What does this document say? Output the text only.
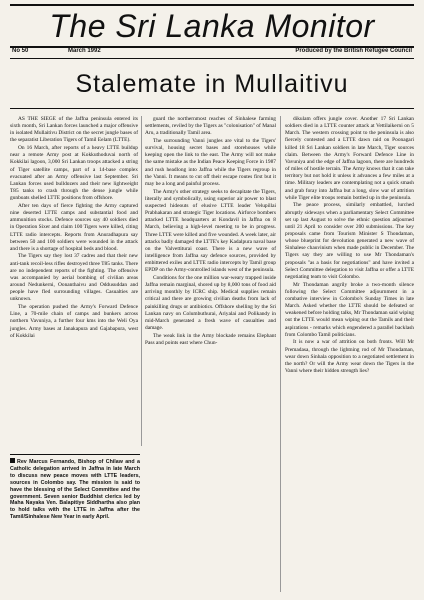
The Sri Lanka Monitor
No 50	March 1992	Produced by the British Refugee Council
Stalemate in Mullaitivu

AS THE SIEGE of the Jaffna peninsula entered its sixth month, Sri Lankan forces launched a major offensive in isolated Mullaitivu District on the secret jungle bases of the separatist Liberation Tigers of Tamil Eelam (LTTE).

On 16 March, after reports of a heavy LTTE buildup near a remote Army post at Kokkuthoduvai north of Kokkilai lagoon, 3,000 Sri Lankan troops attacked a string of Tiger satellite camps, part of a 14-base complex evacuated after an Army offensive last September. Sri Lankan forces used bulldozers and their new lightweight T85 tanks to crash through the dense jungle while gunboats shelled LTTE positions from offshore.

After ten days of fierce fighting the Army captured nine deserted LTTE camps and substantial food and ammunition stocks. Defence sources say 40 soldiers died in Operation Sixer and claim 100 Tigers were killed, citing LTTE radio intercepts. Reports from Anuradhapura say between 50 and 100 soldiers were wounded in the attack and there is a shortage of hospital beds and blood.

The Tigers say they lost 37 cadres and that their new anti-tank recoil-less rifles destroyed three T85 tanks. There are no independent reports of the fighting. The offensive was accompanied by aerial bombing of civilian areas around Nedunkerni, Oonanthaivu and Oddusuddan and people have fled surrounding villages. Casualties are unknown.

The operation pushed the Army's Forward Defence Line, a 70-mile chain of camps and bunkers across northern Vavuniya, a further four kms into the Weli Oya jungles. Army bases at Janakapura and Gajabapura, west of Kokkilai

guard the northernmost reaches of Sinhalese farming settlements, reviled by the Tigers as "colonisation" of Manal Aru, a traditionally Tamil area.

The surrounding Vanni jungles are vital to the Tigers' survival, housing secret bases and storehouses while keeping open the link to the east. The Army will not make the same mistake as the Indian Peace Keeping Force in 1987 and rush headlong into Jaffna while the Tigers regroup in the Vanni. It means to cut off their escape routes first but it may be a long and painful process.

The Army's other strategy seeks to decapitate the Tigers, literally and symbolically, using superior air power to blast suspected hideouts of elusive LTTE leader Velupillai Prabhakaran and strategic Tiger locations. Airforce bombers attacked LTTE headquarters at Kondavil in Jaffna on 8 March, believing a high-level meeting to be in progress. Three LTTE were killed and five wounded. A week later, air attacks badly damaged the LTTE's key Kadalpura naval base on the Valvettiturai coast. There is a new wave of intelligence from Jaffna say defence sources, provided by embittered exiles and LTTE radio intercepts by Tamil group EPDP on the Army-controlled islands west of the peninsula.

Conditions for the one million war-weary trapped inside Jaffna remain marginal, shored up by 8,000 tons of food aid arriving monthly by ICRC ship. Medical supplies remain critical and there are growing civilian deaths from lack of painkilling drugs or antibiotics. Offshore shelling by the Sri Lankan navy on Columbuthurai, Ariyalai and Polikandy in mid-March generated a fresh wave of casualties and damage.

The weak link in the Army blockade remains Elephant Pass and points east where Chun-

dikulam offers jungle cover. Another 17 Sri Lankan soldiers died in a LTTE counter attack at Vettilaikerni on 5 March. The western crossing point to the peninsula is also fiercely contested and a LTTE dawn raid on Poonagari killed 18 Sri Lankan soldiers in late March, Tiger sources claim. Between the Army's Forward Defence Line in Vavuniya and the edge of Jaffna lagoon, there are hundreds of miles of hostile terrain. The Army knows that it can take territory but not hold it unless it advances a few miles at a time. Military leaders are contemplating not a quick smash and grab foray into Jaffna but a long, slow war of attrition while Tiger elite troops remain bottled up in the peninsula.

The peace process, similarly embattled, lurched abruptly sideways when a parliamentary Select Committee set up last August to solve the ethnic question adjourned until 21 April to consider over 200 submissions. The key proposals came from Tourism Minister S Thondaman, whose blueprint for devolution generated a new wave of Sinhalese chauvinism when made public in December. The Tigers say they are willing to use Mr Thondaman's proposals "as a basis for negotiations" and have invited a Select Committee delegation to visit Jaffna or offer a LTTE negotiating team to visit Colombo.

Mr Thondaman angrily broke a two-month silence following the Select Committee adjournment in a combative interview in Colombo's Sunday Times in late March. Asked whether the LTTE should be defeated or weakened before holding talks, Mr Thondaman said wiping out the LTTE would mean wiping out the Tamils and their aspirations - remarks which engendered a parallel backlash from Colombo Tamil politicians.

It is now a war of attrition on both fronts. Will Mr Premadasa, through the lightning rod of Mr Thondaman, wear down Sinhala opposition to a negotiated settlement in the north? Or will the Army wear down the Tigers in the Vanni where their hidden strength lies?

Rev Marcus Fernando, Bishop of Chilaw and a Catholic delegation arrived in Jaffna in late March to discuss new peace moves with LTTE leaders, sources in Colombo say. The mission is said to have the blessing of the Select Committee and the government. Seven senior Buddhist clerics led by Maha Nayaka Ven. Balapitiye Siddhartha also plan to hold talks with the LTTE in Jaffna after the Tamil/Sinhalese New Year in early April.
